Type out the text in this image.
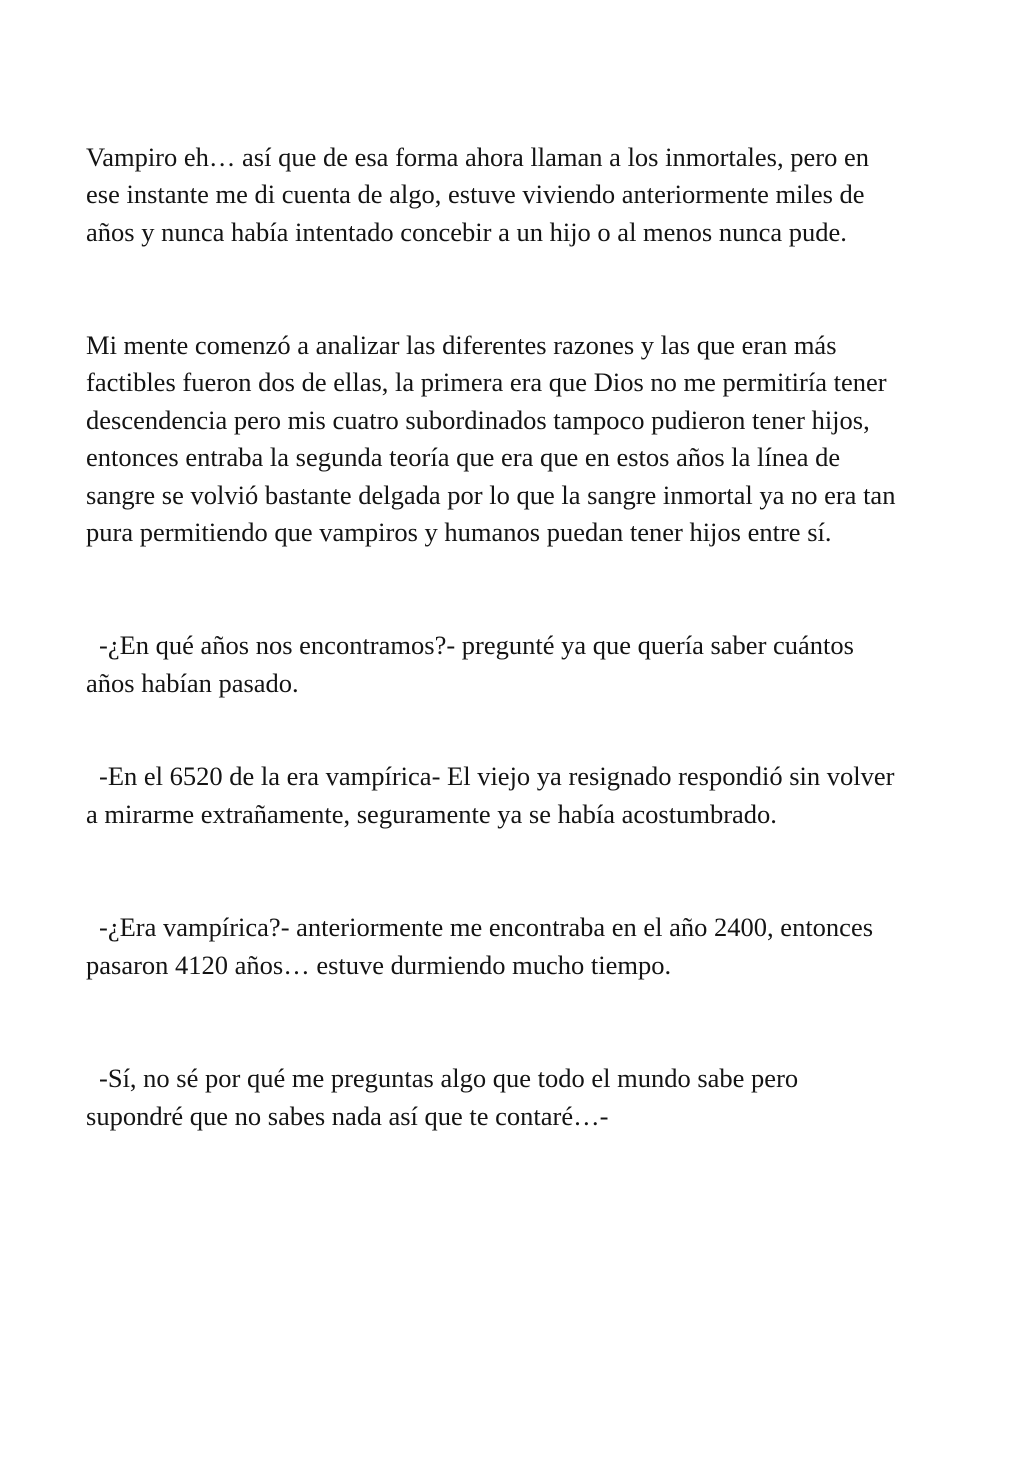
Vampiro eh… así que de esa forma ahora llaman a los inmortales, pero en
ese instante me di cuenta de algo, estuve viviendo anteriormente miles de
años y nunca había intentado concebir a un hijo o al menos nunca pude.
Mi mente comenzó a analizar las diferentes razones y las que eran más
factibles fueron dos de ellas, la primera era que Dios no me permitiría tener
descendencia pero mis cuatro subordinados tampoco pudieron tener hijos,
entonces entraba la segunda teoría que era que en estos años la línea de
sangre se volvió bastante delgada por lo que la sangre inmortal ya no era tan
pura permitiendo que vampiros y humanos puedan tener hijos entre sí.
-¿En qué años nos encontramos?- pregunté ya que quería saber cuántos
años habían pasado.
-En el 6520 de la era vampírica- El viejo ya resignado respondió sin volver
a mirarme extrañamente, seguramente ya se había acostumbrado.
-¿Era vampírica?- anteriormente me encontraba en el año 2400, entonces
pasaron 4120 años… estuve durmiendo mucho tiempo.
-Sí, no sé por qué me preguntas algo que todo el mundo sabe pero
supondré que no sabes nada así que te contaré…-
